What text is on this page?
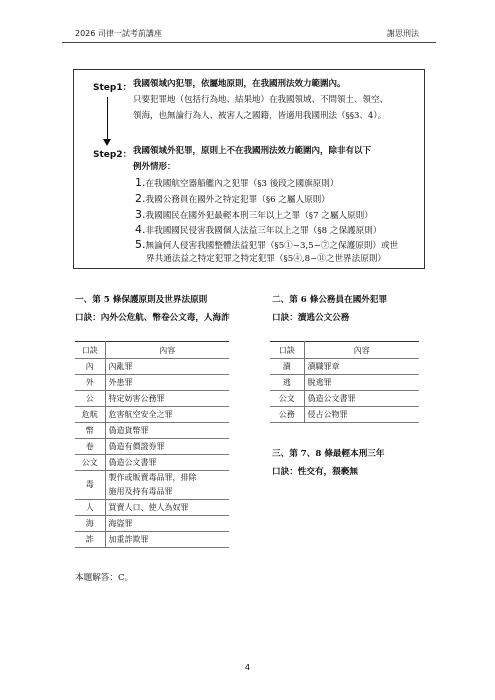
2026 司律一試考前講座	謝思刑法
Step1： 我國領域內犯罪，依屬地原則，在我國刑法效力範圍內。
只要犯罪地（包括行為地、結果地）在我國領域、不問領土、領空、
領海，也無論行為人、被害人之國籍，皆適用我國刑法（§§3、4）。
Step2： 我國領域外犯罪，原則上不在我國刑法效力範圍內，除非有以下
例外情形：
1.在我國航空器船艦內之犯罪（§3 後段之國旗原則）
2.我國公務員在國外之特定犯罪（§6 之屬人原則）
3.我國國民在國外犯最輕本刑三年以上之罪（§7 之屬人原則）
4.非我國國民侵害我國個人法益三年以上之罪（§8 之保護原則）
5.無論何人侵害我國整體法益犯罪（§5①~3,5~⑦之保護原則）或世
界共通法益之特定犯罪之特定犯罪（§5④,8~⑪之世界法原則）
一、第 5 條保護原則及世界法原則
口訣：內外公危航、幣卷公文毒，人海詐
口訣	內容
內	內亂罪
外	外患罪
公	特定妨害公務罪
危航	危害航空安全之罪
幣	偽造貨幣罪
卷	偽造有價證券罪
公文	偽造公文書罪
毒	製作或販賣毒品罪，排除
施用及持有毒品罪

人	買賣人口、使人為奴罪
海	海盜罪
詐	加重詐欺罪
二、第 6 條公務員在國外犯罪
口訣：瀆逃公文公務
口訣	內容
瀆	瀆職罪章
逃	脫逃罪
公文	偽造公文書罪
公務	侵占公物罪
三、第 7、8 條最輕本刑三年
口訣：性交有，猥褻無
本題解答：C。
4
